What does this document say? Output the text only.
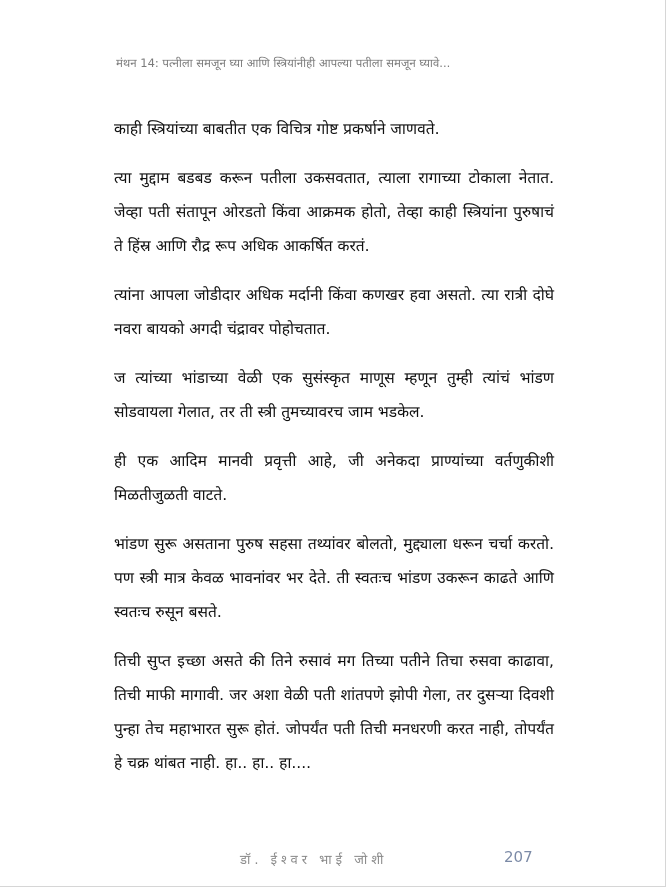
मंथन 14: पत्नीला समजून घ्या आणि स्त्रियांनीही आपल्या पतीला समजून घ्यावे...

काही स्त्रियांच्या बाबतीत एक विचित्र गोष्ट प्रकर्षाने जाणवते.

त्या मुद्दाम बडबड करून पतीला उकसवतात, त्याला रागाच्या टोकाला नेतात. जेव्हा पती संतापून ओरडतो किंवा आक्रमक होतो, तेव्हा काही स्त्रियांना पुरुषाचं ते हिंस्र आणि रौद्र रूप अधिक आकर्षित करतं.

त्यांना आपला जोडीदार अधिक मर्दानी किंवा कणखर हवा असतो. त्या रात्री दोघे नवरा बायको अगदी चंद्रावर पोहोचतात.

ज त्यांच्या भांडाच्या वेळी एक सुसंस्कृत माणूस म्हणून तुम्ही त्यांचं भांडण सोडवायला गेलात, तर ती स्त्री तुमच्यावरच जाम भडकेल.

ही एक आदिम मानवी प्रवृत्ती आहे, जी अनेकदा प्राण्यांच्या वर्तणुकीशी मिळतीजुळती वाटते.

भांडण सुरू असताना पुरुष सहसा तथ्यांवर बोलतो, मुद्द्याला धरून चर्चा करतो. पण स्त्री मात्र केवळ भावनांवर भर देते. ती स्वतःच भांडण उकरून काढते आणि स्वतःच रुसून बसते.

तिची सुप्त इच्छा असते की तिने रुसावं मग तिच्या पतीने तिचा रुसवा काढावा, तिची माफी मागावी. जर अशा वेळी पती शांतपणे झोपी गेला, तर दुसऱ्या दिवशी पुन्हा तेच महाभारत सुरू होतं. जोपर्यंत पती तिची मनधरणी करत नाही, तोपर्यंत हे चक्र थांबत नाही. हा.. हा.. हा....

डॉ. ईश्वर भाई जोशी	207
